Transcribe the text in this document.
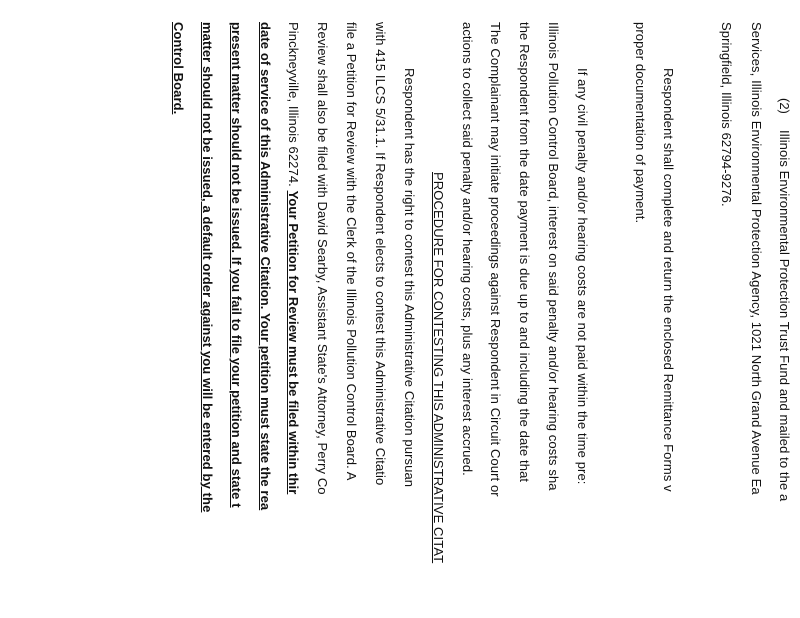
(2)
Illinois Environmental Protection Trust Fund and mailed to the a
Services, Illinois Environmental Protection Agency, 1021 North Grand Avenue Ea
Springfield, Illinois 62794-9276.
Respondent shall complete and return the enclosed Remittance Forms v
proper documentation of payment.
If any civil penalty and/or hearing costs are not paid within the time pre:
Illinois Pollution Control Board, interest on said penalty and/or hearing costs sha
the Respondent from the date payment is due up to and including the date that
The Complainant may initiate proceedings against Respondent in Circuit Court or
actions to collect said penalty and/or hearing costs, plus any interest accrued.
PROCEDURE FOR CONTESTING THIS ADMINISTRATIVE CITAT
Respondent has the right to contest this Administrative Citation pursuan
with 415 ILCS 5/31.1. If Respondent elects to contest this Administrative Citatio
file a Petition for Review with the Clerk of the Illinois Pollution Control Board. A
Review shall also be filed with David Searby, Assistant State's Attorney, Perry Co
Pinckneyville, Illinois 62274. Your Petition for Review must be filed within thir
date of service of this Administrative Citation. Your petition must state the rea
present matter should not be issued. If you fail to file your petition and state t
matter should not be issued, a default order against you will be entered by the
Control Board.
